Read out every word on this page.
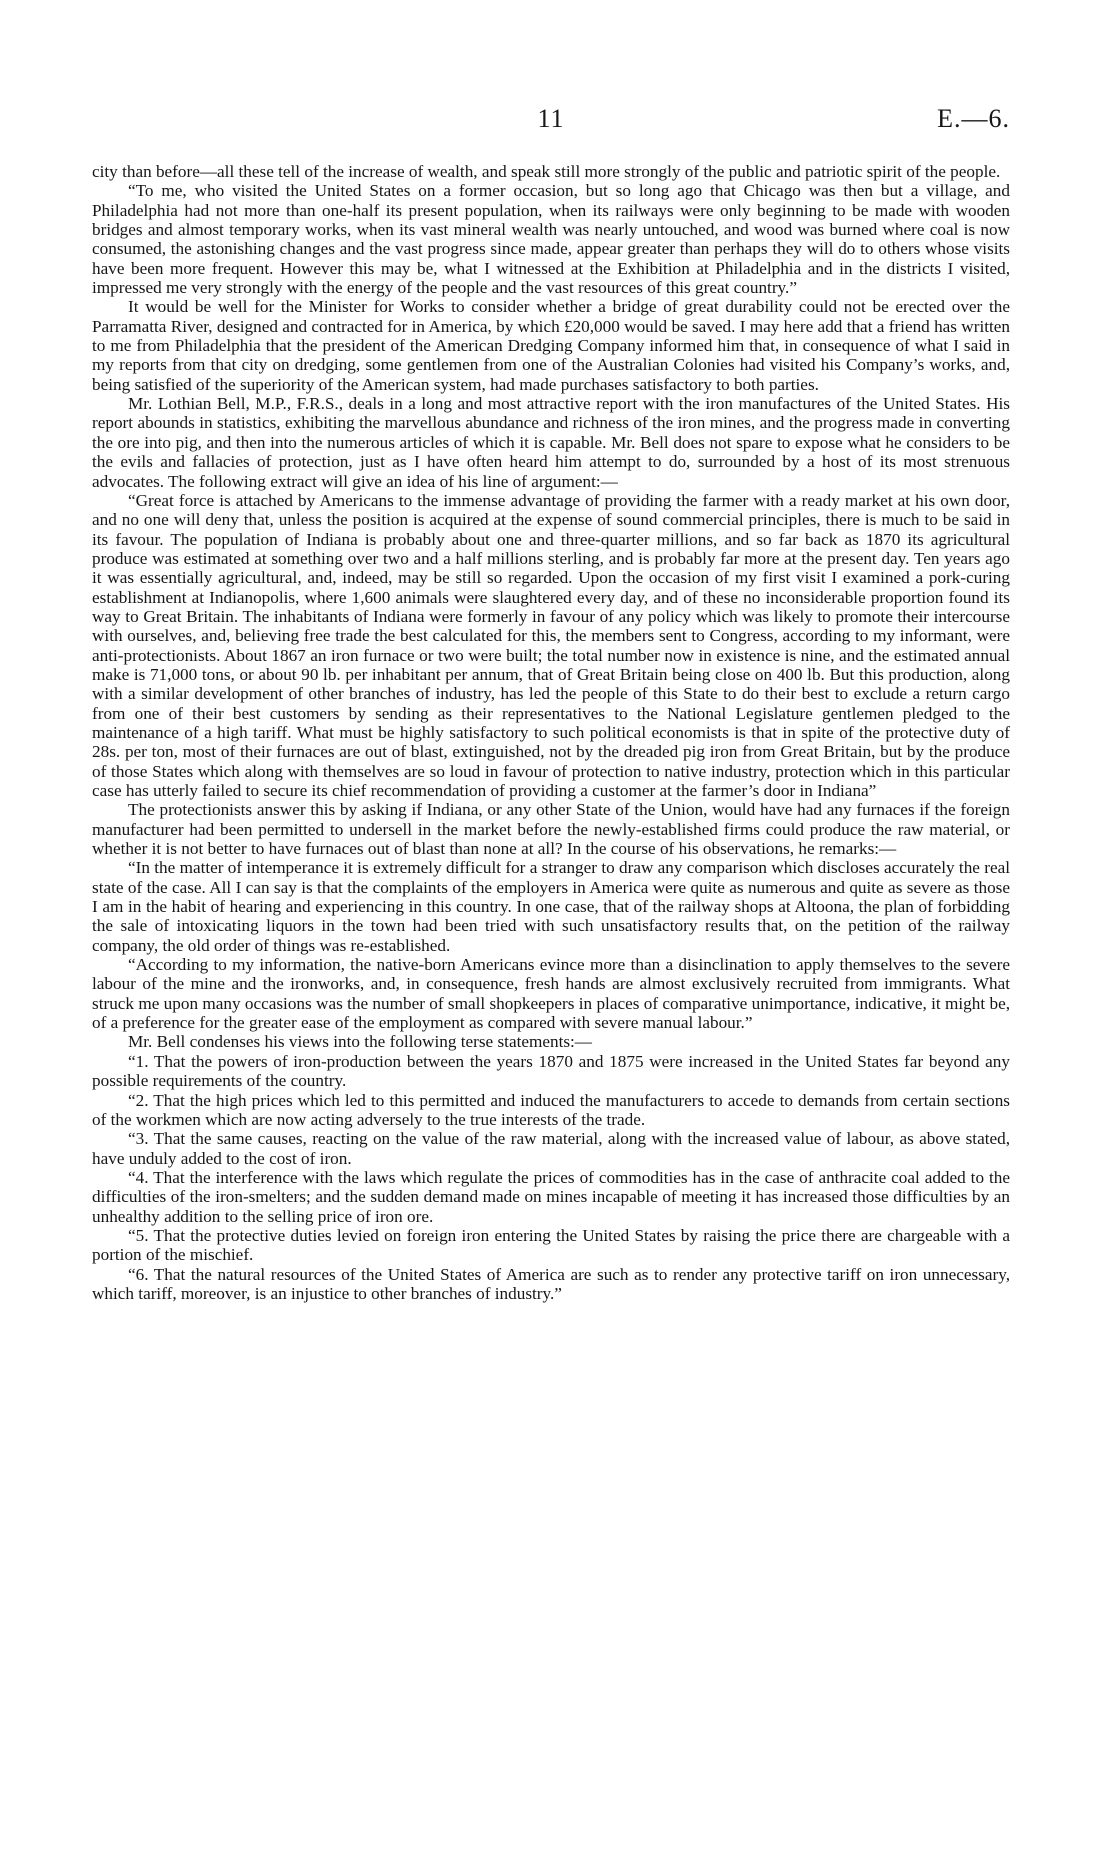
11	E.—6.

city than before—all these tell of the increase of wealth, and speak still more strongly of the public and patriotic spirit of the people.

“To me, who visited the United States on a former occasion, but so long ago that Chicago was then but a village, and Philadelphia had not more than one-half its present population, when its railways were only beginning to be made with wooden bridges and almost temporary works, when its vast mineral wealth was nearly untouched, and wood was burned where coal is now consumed, the astonishing changes and the vast progress since made, appear greater than perhaps they will do to others whose visits have been more frequent. However this may be, what I witnessed at the Exhibition at Philadelphia and in the districts I visited, impressed me very strongly with the energy of the people and the vast resources of this great country.”

It would be well for the Minister for Works to consider whether a bridge of great durability could not be erected over the Parramatta River, designed and contracted for in America, by which £20,000 would be saved. I may here add that a friend has written to me from Philadelphia that the president of the American Dredging Company informed him that, in consequence of what I said in my reports from that city on dredging, some gentlemen from one of the Australian Colonies had visited his Company’s works, and, being satisfied of the superiority of the American system, had made purchases satisfactory to both parties.

Mr. Lothian Bell, M.P., F.R.S., deals in a long and most attractive report with the iron manufactures of the United States. His report abounds in statistics, exhibiting the marvellous abundance and richness of the iron mines, and the progress made in converting the ore into pig, and then into the numerous articles of which it is capable. Mr. Bell does not spare to expose what he considers to be the evils and fallacies of protection, just as I have often heard him attempt to do, surrounded by a host of its most strenuous advocates. The following extract will give an idea of his line of argument:—

“Great force is attached by Americans to the immense advantage of providing the farmer with a ready market at his own door, and no one will deny that, unless the position is acquired at the expense of sound commercial principles, there is much to be said in its favour. The population of Indiana is probably about one and three-quarter millions, and so far back as 1870 its agricultural produce was estimated at something over two and a half millions sterling, and is probably far more at the present day. Ten years ago it was essentially agricultural, and, indeed, may be still so regarded. Upon the occasion of my first visit I examined a pork-curing establishment at Indianopolis, where 1,600 animals were slaughtered every day, and of these no inconsiderable proportion found its way to Great Britain. The inhabitants of Indiana were formerly in favour of any policy which was likely to promote their intercourse with ourselves, and, believing free trade the best calculated for this, the members sent to Congress, according to my informant, were anti-protectionists. About 1867 an iron furnace or two were built; the total number now in existence is nine, and the estimated annual make is 71,000 tons, or about 90 lb. per inhabitant per annum, that of Great Britain being close on 400 lb. But this production, along with a similar development of other branches of industry, has led the people of this State to do their best to exclude a return cargo from one of their best customers by sending as their representatives to the National Legislature gentlemen pledged to the maintenance of a high tariff. What must be highly satisfactory to such political economists is that in spite of the protective duty of 28s. per ton, most of their furnaces are out of blast, extinguished, not by the dreaded pig iron from Great Britain, but by the produce of those States which along with themselves are so loud in favour of protection to native industry, protection which in this particular case has utterly failed to secure its chief recommendation of providing a customer at the farmer’s door in Indiana”

The protectionists answer this by asking if Indiana, or any other State of the Union, would have had any furnaces if the foreign manufacturer had been permitted to undersell in the market before the newly-established firms could produce the raw material, or whether it is not better to have furnaces out of blast than none at all? In the course of his observations, he remarks:—

“In the matter of intemperance it is extremely difficult for a stranger to draw any comparison which discloses accurately the real state of the case. All I can say is that the complaints of the employers in America were quite as numerous and quite as severe as those I am in the habit of hearing and experiencing in this country. In one case, that of the railway shops at Altoona, the plan of forbidding the sale of intoxicating liquors in the town had been tried with such unsatisfactory results that, on the petition of the railway company, the old order of things was re-established.

“According to my information, the native-born Americans evince more than a disinclination to apply themselves to the severe labour of the mine and the ironworks, and, in consequence, fresh hands are almost exclusively recruited from immigrants. What struck me upon many occasions was the number of small shopkeepers in places of comparative unimportance, indicative, it might be, of a preference for the greater ease of the employment as compared with severe manual labour.”

Mr. Bell condenses his views into the following terse statements:—

“1. That the powers of iron-production between the years 1870 and 1875 were increased in the United States far beyond any possible requirements of the country.

“2. That the high prices which led to this permitted and induced the manufacturers to accede to demands from certain sections of the workmen which are now acting adversely to the true interests of the trade.

“3. That the same causes, reacting on the value of the raw material, along with the increased value of labour, as above stated, have unduly added to the cost of iron.

“4. That the interference with the laws which regulate the prices of commodities has in the case of anthracite coal added to the difficulties of the iron-smelters; and the sudden demand made on mines incapable of meeting it has increased those difficulties by an unhealthy addition to the selling price of iron ore.

“5. That the protective duties levied on foreign iron entering the United States by raising the price there are chargeable with a portion of the mischief.

“6. That the natural resources of the United States of America are such as to render any protective tariff on iron unnecessary, which tariff, moreover, is an injustice to other branches of industry.”
